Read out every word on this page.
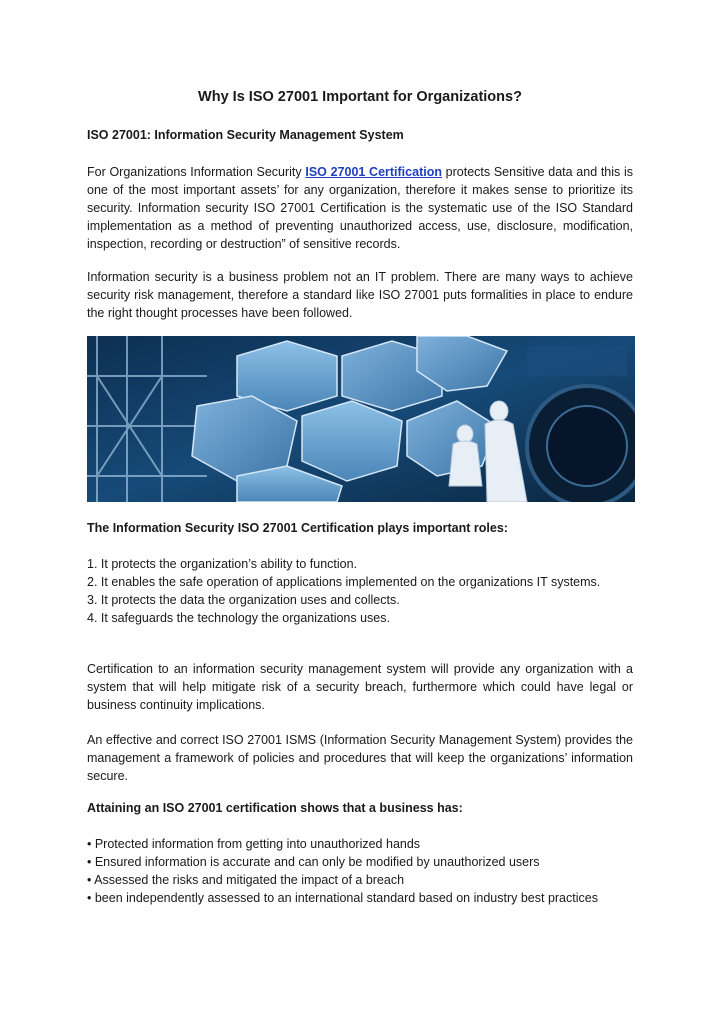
Why Is ISO 27001 Important for Organizations?
ISO 27001: Information Security Management System

For Organizations Information Security ISO 27001 Certification protects Sensitive data and this is one of the most important assets’ for any organization, therefore it makes sense to prioritize its security. Information security ISO 27001 Certification is the systematic use of the ISO Standard implementation as a method of preventing unauthorized access, use, disclosure, modification, inspection, recording or destruction” of sensitive records.

Information security is a business problem not an IT problem. There are many ways to achieve security risk management, therefore a standard like ISO 27001 puts formalities in place to endure the right thought processes have been followed.

The Information Security ISO 27001 Certification plays important roles:
1. It protects the organization’s ability to function.
2. It enables the safe operation of applications implemented on the organizations IT systems.
3. It protects the data the organization uses and collects.
4. It safeguards the technology the organizations uses.

Certification to an information security management system will provide any organization with a system that will help mitigate risk of a security breach, furthermore which could have legal or business continuity implications.

An effective and correct ISO 27001 ISMS (Information Security Management System) provides the management a framework of policies and procedures that will keep the organizations’ information secure.

Attaining an ISO 27001 certification shows that a business has:
• Protected information from getting into unauthorized hands
• Ensured information is accurate and can only be modified by unauthorized users
• Assessed the risks and mitigated the impact of a breach
• been independently assessed to an international standard based on industry best practices
